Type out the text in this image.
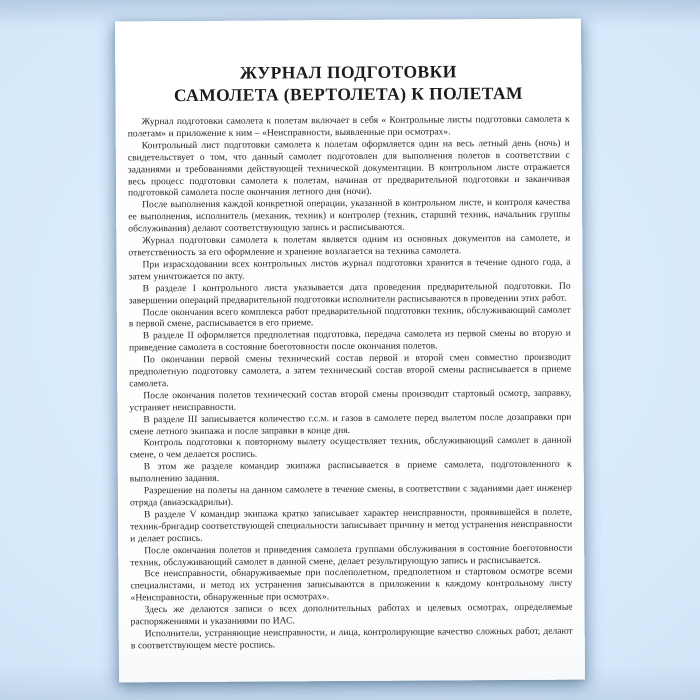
ЖУРНАЛ ПОДГОТОВКИ
САМОЛЕТА (ВЕРТОЛЕТА) К ПОЛЕТАМ

Журнал подготовки самолета к полетам включает в себя « Контрольные листы подготовки самолета к полетам» и приложение к ним – «Неисправности, выявленные при осмотрах».

Контрольный лист подготовки самолета к полетам оформляется один на весь летный день (ночь) и свидетельствует о том, что данный самолет подготовлен для выполнения полетов в соответствии с заданиями и требованиями действующей технической документации. В контрольном листе отражается весь процесс подготовки самолета к полетам, начиная от предварительной подготовки и заканчивая подготовкой самолета после окончания летного дня (ночи).

После выполнения каждой конкретной операции, указанной в контрольном листе, и контроля качества ее выполнения, исполнитель (механик, техник) и контролер (техник, старший техник, начальник группы обслуживания) делают соответствующую запись и расписываются.

Журнал подготовки самолета к полетам является одним из основных документов на самолете, и ответственность за его оформление и хранение возлагается на техника самолета.

При израсходовании всех контрольных листов журнал подготовки хранится в течение одного года, а затем уничтожается по акту.

В разделе I контрольного листа указывается дата проведения предварительной подготовки. По завершении операций предварительной подготовки исполнители расписываются в проведении этих работ.

После окончания всего комплекса работ предварительной подготовки техник, обслуживающий самолет в первой смене, расписывается в его приеме.

В разделе II оформляется предполетная подготовка, передача самолета из первой смены во вторую и приведение самолета в состояние боеготовности после окончания полетов.

По окончании первой смены технический состав первой и второй смен совместно производит предполетную подготовку самолета, а затем технический состав второй смены расписывается в приеме самолета.

После окончания полетов технический состав второй смены производит стартовый осмотр, заправку, устраняет неисправности.

В разделе III записывается количество г.с.м. и газов в самолете перед вылетом после дозаправки при смене летного экипажа и после заправки в конце дня.

Контроль подготовки к повторному вылету осуществляет техник, обслуживающий самолет в данной смене, о чем делается роспись.

В этом же разделе командир экипажа расписывается в приеме самолета, подготовленного к выполнению задания.

Разрешение на полеты на данном самолете в течение смены, в соответствии с заданиями дает инженер отряда (авиаэскадрильи).

В разделе V командир экипажа кратко записывает характер неисправности, проявившейся в полете, техник-бригадир соответствующей специальности записывает причину и метод устранения неисправности и делает роспись.

После окончания полетов и приведения самолета группами обслуживания в состояние боеготовности техник, обслуживающий самолет в данной смене, делает результирующую запись и расписывается.

Все неисправности, обнаруживаемые при послеполетном, предполетном и стартовом осмотре всеми специалистами, и метод их устранения записываются в приложении к каждому контрольному листу «Неисправности, обнаруженные при осмотрах».

Здесь же делаются записи о всех дополнительных работах и целевых осмотрах, определяемые распоряжениями и указаниями по ИАС.

Исполнители, устраняющие неисправности, и лица, контролирующие качество сложных работ, делают в соответствующем месте роспись.
